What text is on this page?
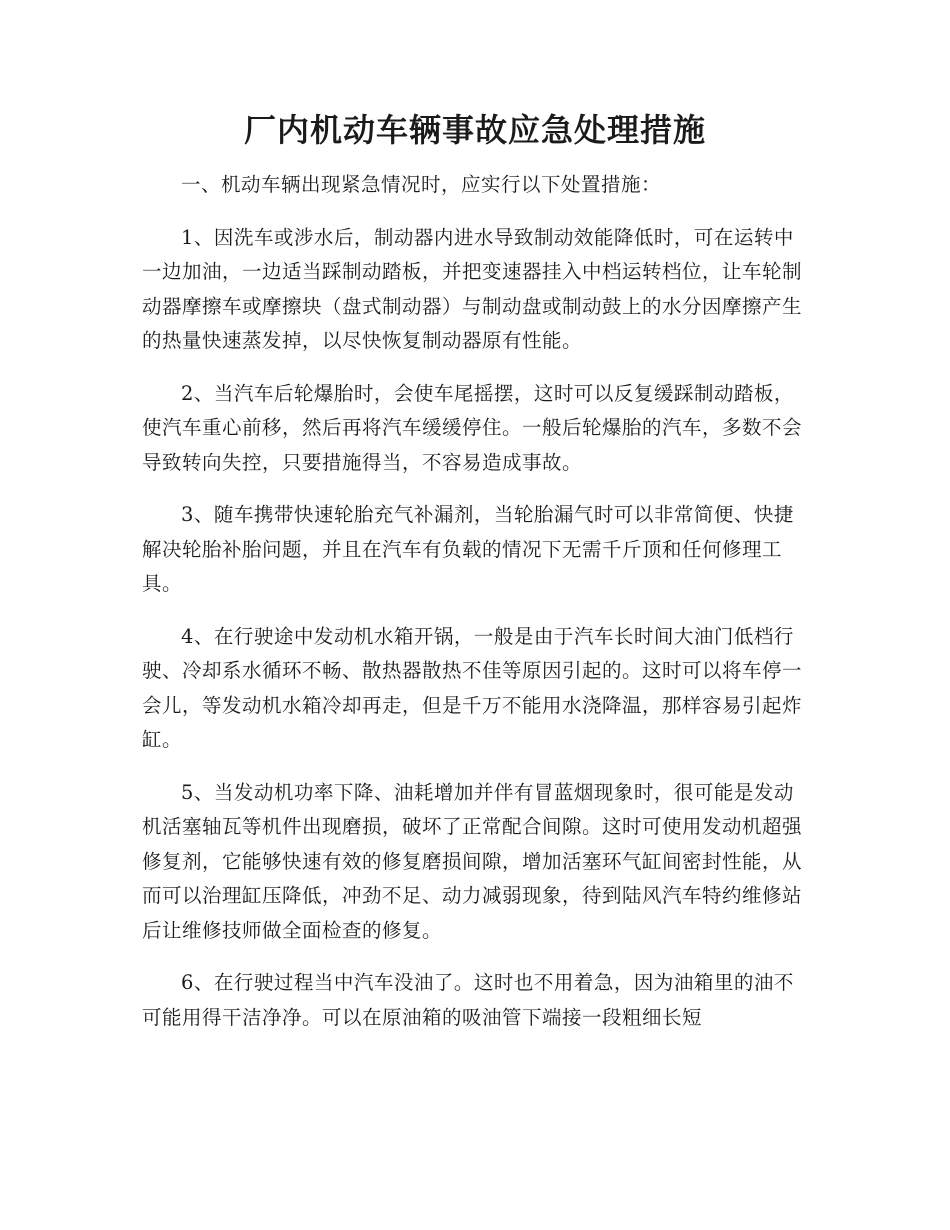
厂内机动车辆事故应急处理措施

一、机动车辆出现紧急情况时，应实行以下处置措施：

1、因洗车或涉水后，制动器内进水导致制动效能降低时，可在运转中一边加油，一边适当踩制动踏板，并把变速器挂入中档运转档位，让车轮制动器摩擦车或摩擦块（盘式制动器）与制动盘或制动鼓上的水分因摩擦产生的热量快速蒸发掉，以尽快恢复制动器原有性能。

2、当汽车后轮爆胎时，会使车尾摇摆，这时可以反复缓踩制动踏板，使汽车重心前移，然后再将汽车缓缓停住。一般后轮爆胎的汽车，多数不会导致转向失控，只要措施得当，不容易造成事故。

3、随车携带快速轮胎充气补漏剂，当轮胎漏气时可以非常简便、快捷解决轮胎补胎问题，并且在汽车有负载的情况下无需千斤顶和任何修理工具。

4、在行驶途中发动机水箱开锅，一般是由于汽车长时间大油门低档行驶、冷却系水循环不畅、散热器散热不佳等原因引起的。这时可以将车停一会儿，等发动机水箱冷却再走，但是千万不能用水浇降温，那样容易引起炸缸。

5、当发动机功率下降、油耗增加并伴有冒蓝烟现象时，很可能是发动机活塞轴瓦等机件出现磨损，破坏了正常配合间隙。这时可使用发动机超强修复剂，它能够快速有效的修复磨损间隙，增加活塞环气缸间密封性能，从而可以治理缸压降低，冲劲不足、动力减弱现象，待到陆风汽车特约维修站后让维修技师做全面检查的修复。

6、在行驶过程当中汽车没油了。这时也不用着急，因为油箱里的油不可能用得干洁净净。可以在原油箱的吸油管下端接一段粗细长短
